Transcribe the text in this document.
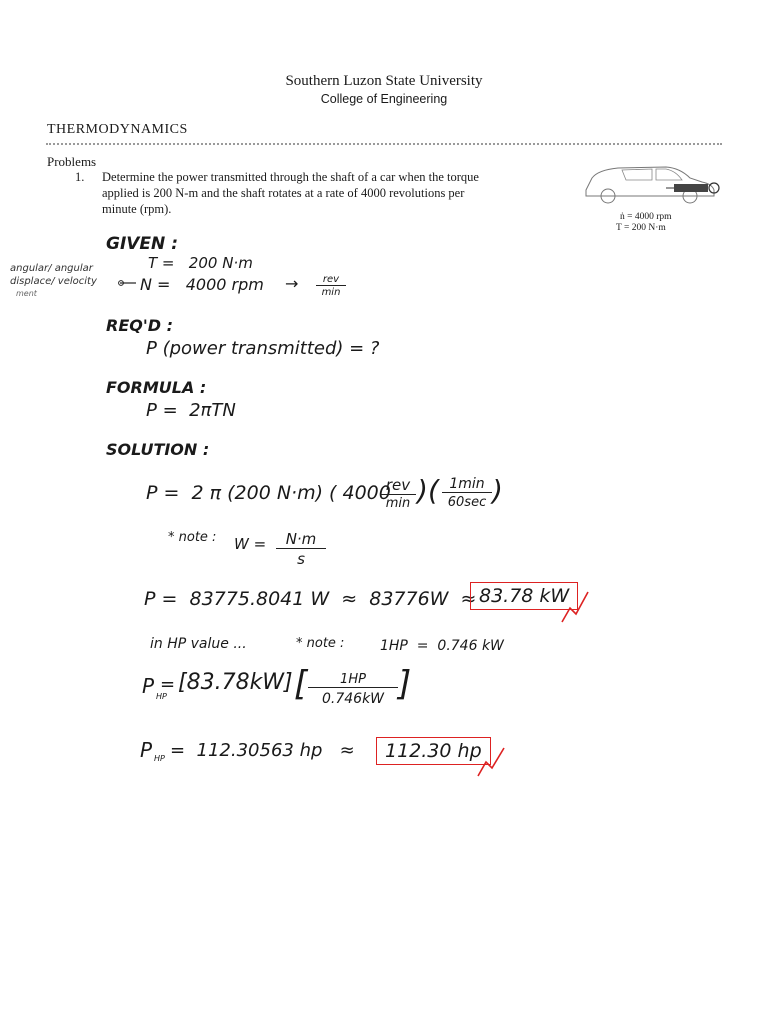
Southern Luzon State University
College of Engineering
THERMODYNAMICS
Problems
1. Determine the power transmitted through the shaft of a car when the torque
applied is 200 N-m and the shaft rotates at a rate of 4000 revolutions per
minute (rpm).
ṅ = 4000 rpm
T = 200 N·m
GIVEN :
T =   200 N·m
N =   4000 rpm →	rev
min
angular/ angular
displace/ velocity
ment
REQ'D :
P (power transmitted) = ?
FORMULA :
P =  2πTN
SOLUTION :
P =  2 π (200 N·m) ( 4000
rev
min ) ( 1min
60sec )
* note : W =	N·m
s
P =  83775.8041 W  ≈  83776W  ≈ 83.78 kW
in HP value ...	* note :	1HP  =  0.746 kW
P HP
= [83.78kW] [	1HP
0.746kW ]
P HP =  112.30563 hp   ≈	112.30 hp
